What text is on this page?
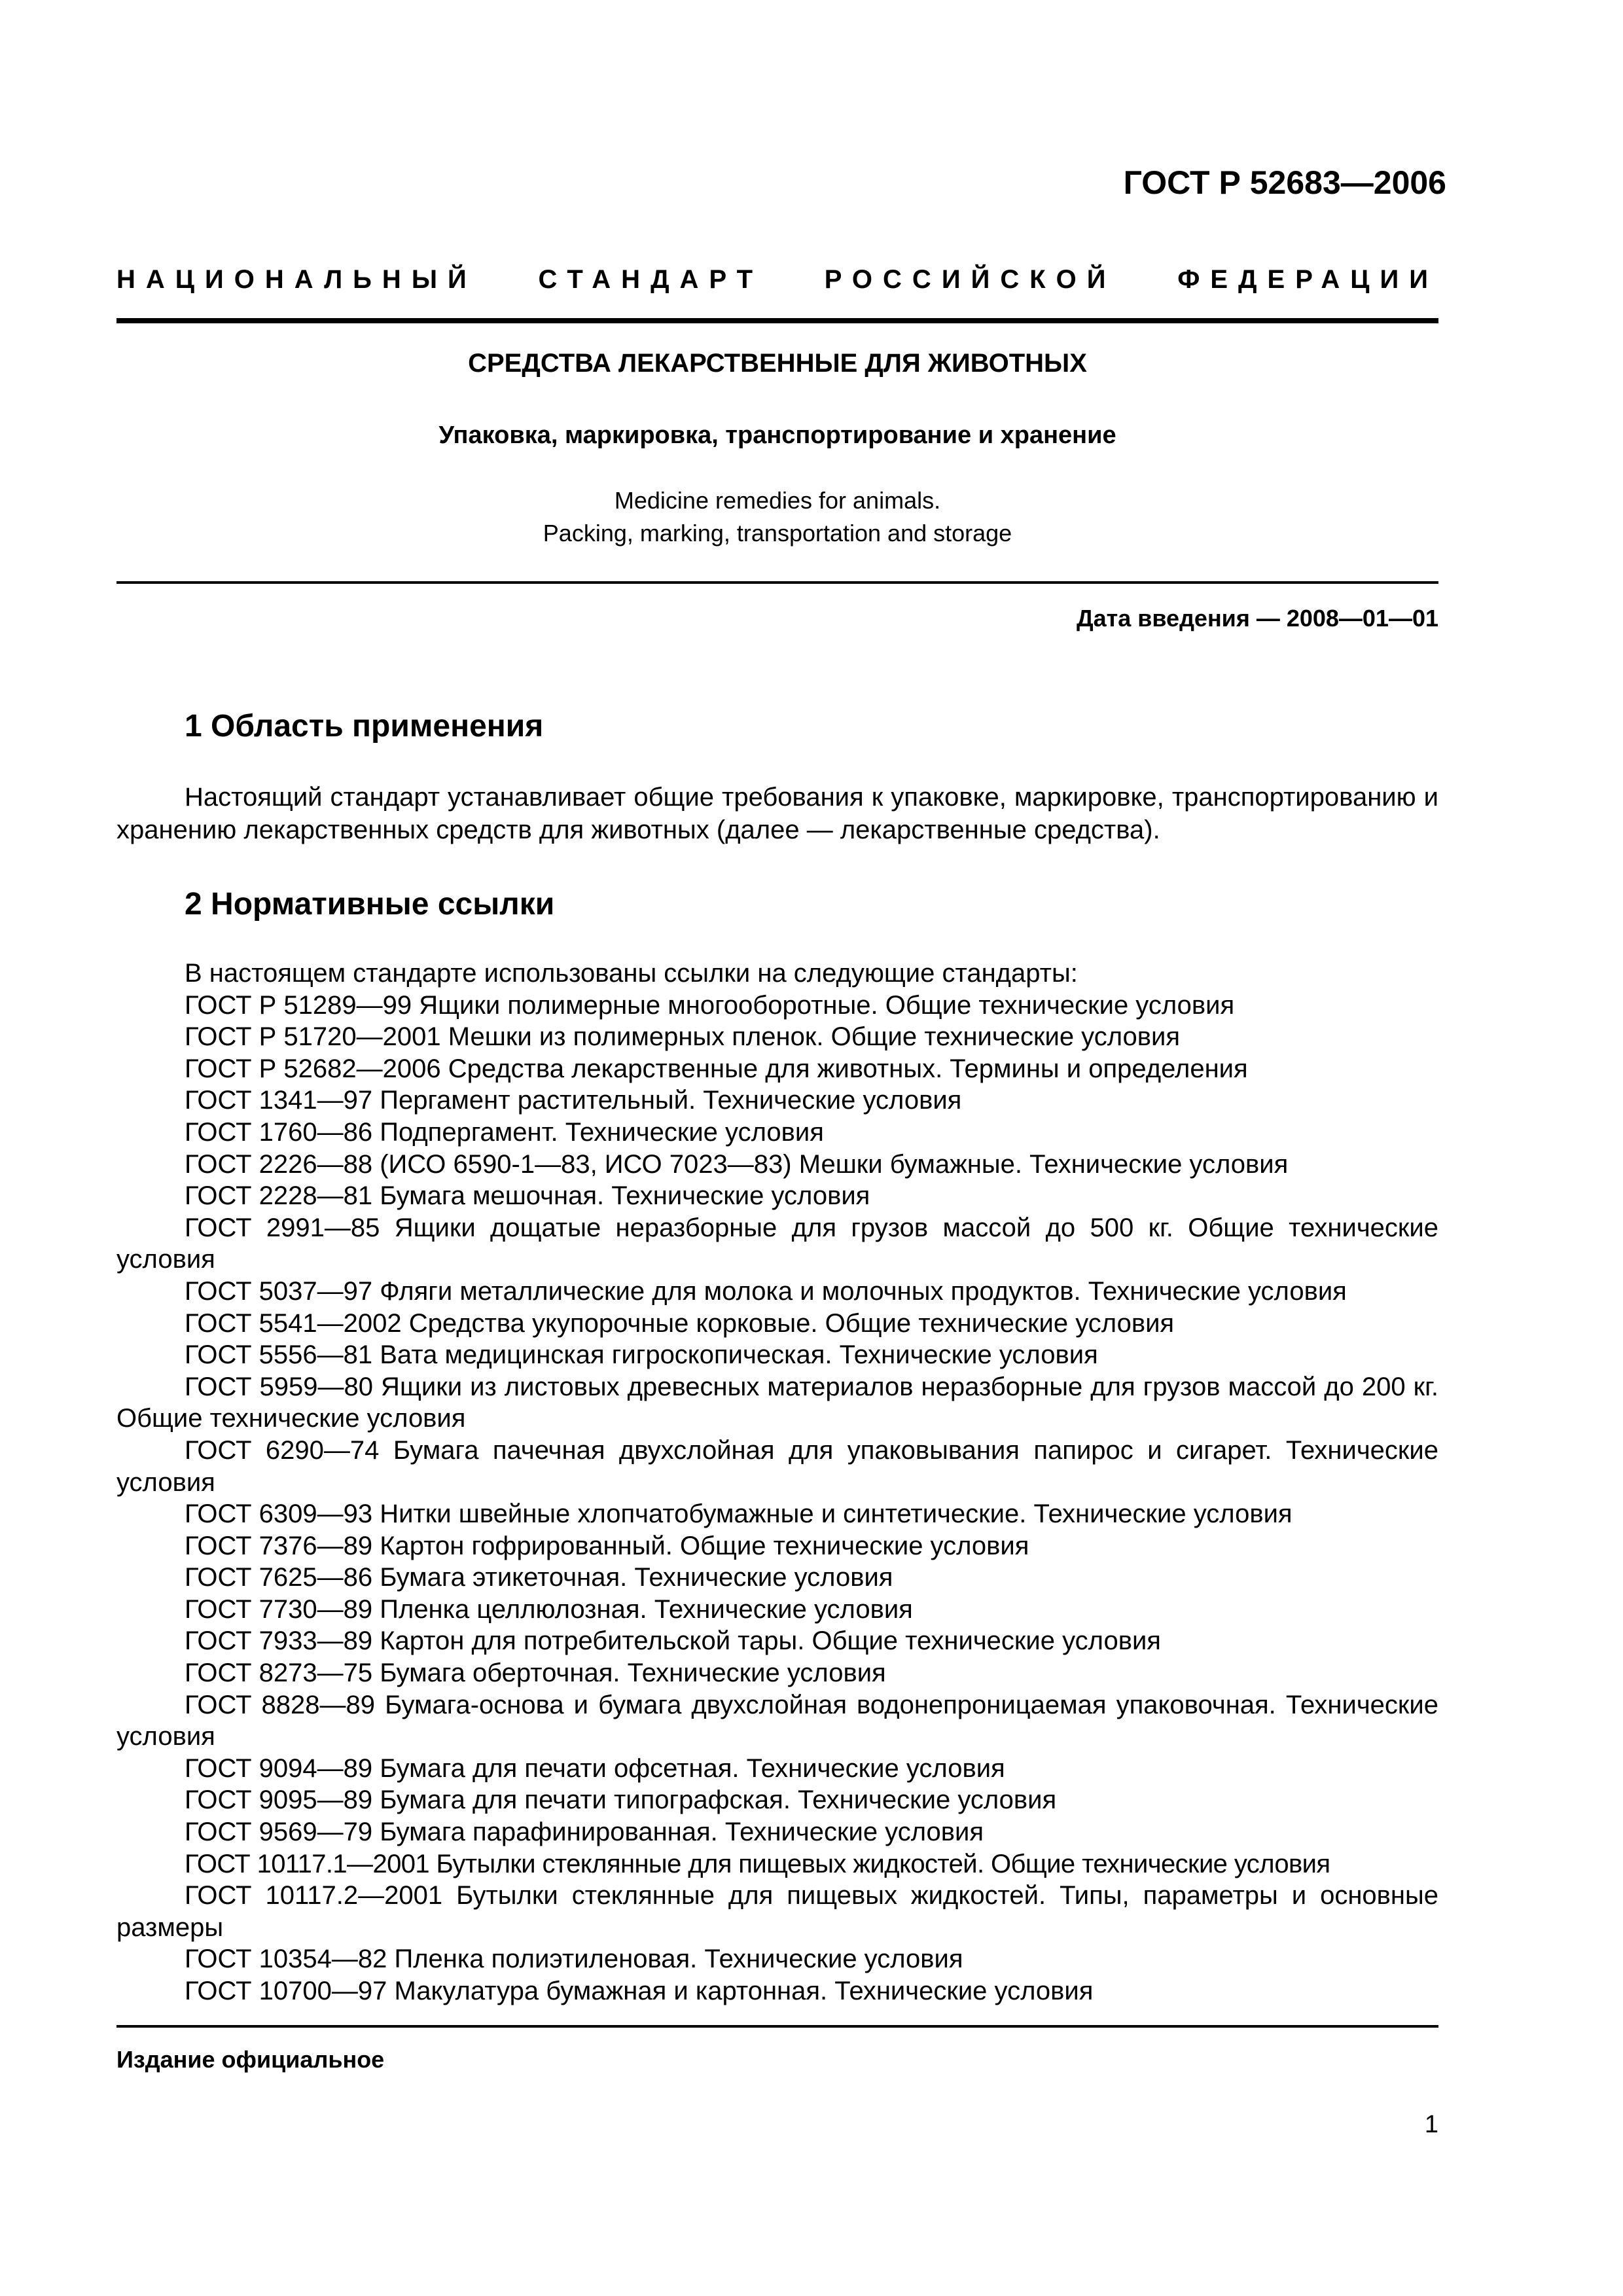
ГОСТ Р 52683—2006
НАЦИОНАЛЬНЫЙ СТАНДАРТ РОССИЙСКОЙ ФЕДЕРАЦИИ
СРЕДСТВА ЛЕКАРСТВЕННЫЕ ДЛЯ ЖИВОТНЫХ
Упаковка, маркировка, транспортирование и хранение
Medicine remedies for animals.
Packing, marking, transportation and storage
Дата введения — 2008—01—01
1 Область применения

Настоящий стандарт устанавливает общие требования к упаковке, маркировке, транспортированию и хранению лекарственных средств для животных (далее — лекарственные средства).

2 Нормативные ссылки

В настоящем стандарте использованы ссылки на следующие стандарты:

ГОСТ Р 51289—99 Ящики полимерные многооборотные. Общие технические условия

ГОСТ Р 51720—2001 Мешки из полимерных пленок. Общие технические условия

ГОСТ Р 52682—2006 Средства лекарственные для животных. Термины и определения

ГОСТ 1341—97 Пергамент растительный. Технические условия

ГОСТ 1760—86 Подпергамент. Технические условия

ГОСТ 2226—88 (ИСО 6590-1—83, ИСО 7023—83) Мешки бумажные. Технические условия

ГОСТ 2228—81 Бумага мешочная. Технические условия

ГОСТ 2991—85 Ящики дощатые неразборные для грузов массой до 500 кг. Общие технические условия

ГОСТ 5037—97 Фляги металлические для молока и молочных продуктов. Технические условия

ГОСТ 5541—2002 Средства укупорочные корковые. Общие технические условия

ГОСТ 5556—81 Вата медицинская гигроскопическая. Технические условия

ГОСТ 5959—80 Ящики из листовых древесных материалов неразборные для грузов массой до 200 кг. Общие технические условия

ГОСТ 6290—74 Бумага пачечная двухслойная для упаковывания папирос и сигарет. Технические условия

ГОСТ 6309—93 Нитки швейные хлопчатобумажные и синтетические. Технические условия

ГОСТ 7376—89 Картон гофрированный. Общие технические условия

ГОСТ 7625—86 Бумага этикеточная. Технические условия

ГОСТ 7730—89 Пленка целлюлозная. Технические условия

ГОСТ 7933—89 Картон для потребительской тары. Общие технические условия

ГОСТ 8273—75 Бумага оберточная. Технические условия

ГОСТ 8828—89 Бумага-основа и бумага двухслойная водонепроницаемая упаковочная. Технические условия

ГОСТ 9094—89 Бумага для печати офсетная. Технические условия

ГОСТ 9095—89 Бумага для печати типографская. Технические условия

ГОСТ 9569—79 Бумага парафинированная. Технические условия

ГОСТ 10117.1—2001 Бутылки стеклянные для пищевых жидкостей. Общие технические условия

ГОСТ 10117.2—2001 Бутылки стеклянные для пищевых жидкостей. Типы, параметры и основные размеры

ГОСТ 10354—82 Пленка полиэтиленовая. Технические условия

ГОСТ 10700—97 Макулатура бумажная и картонная. Технические условия

Издание официальное
1
